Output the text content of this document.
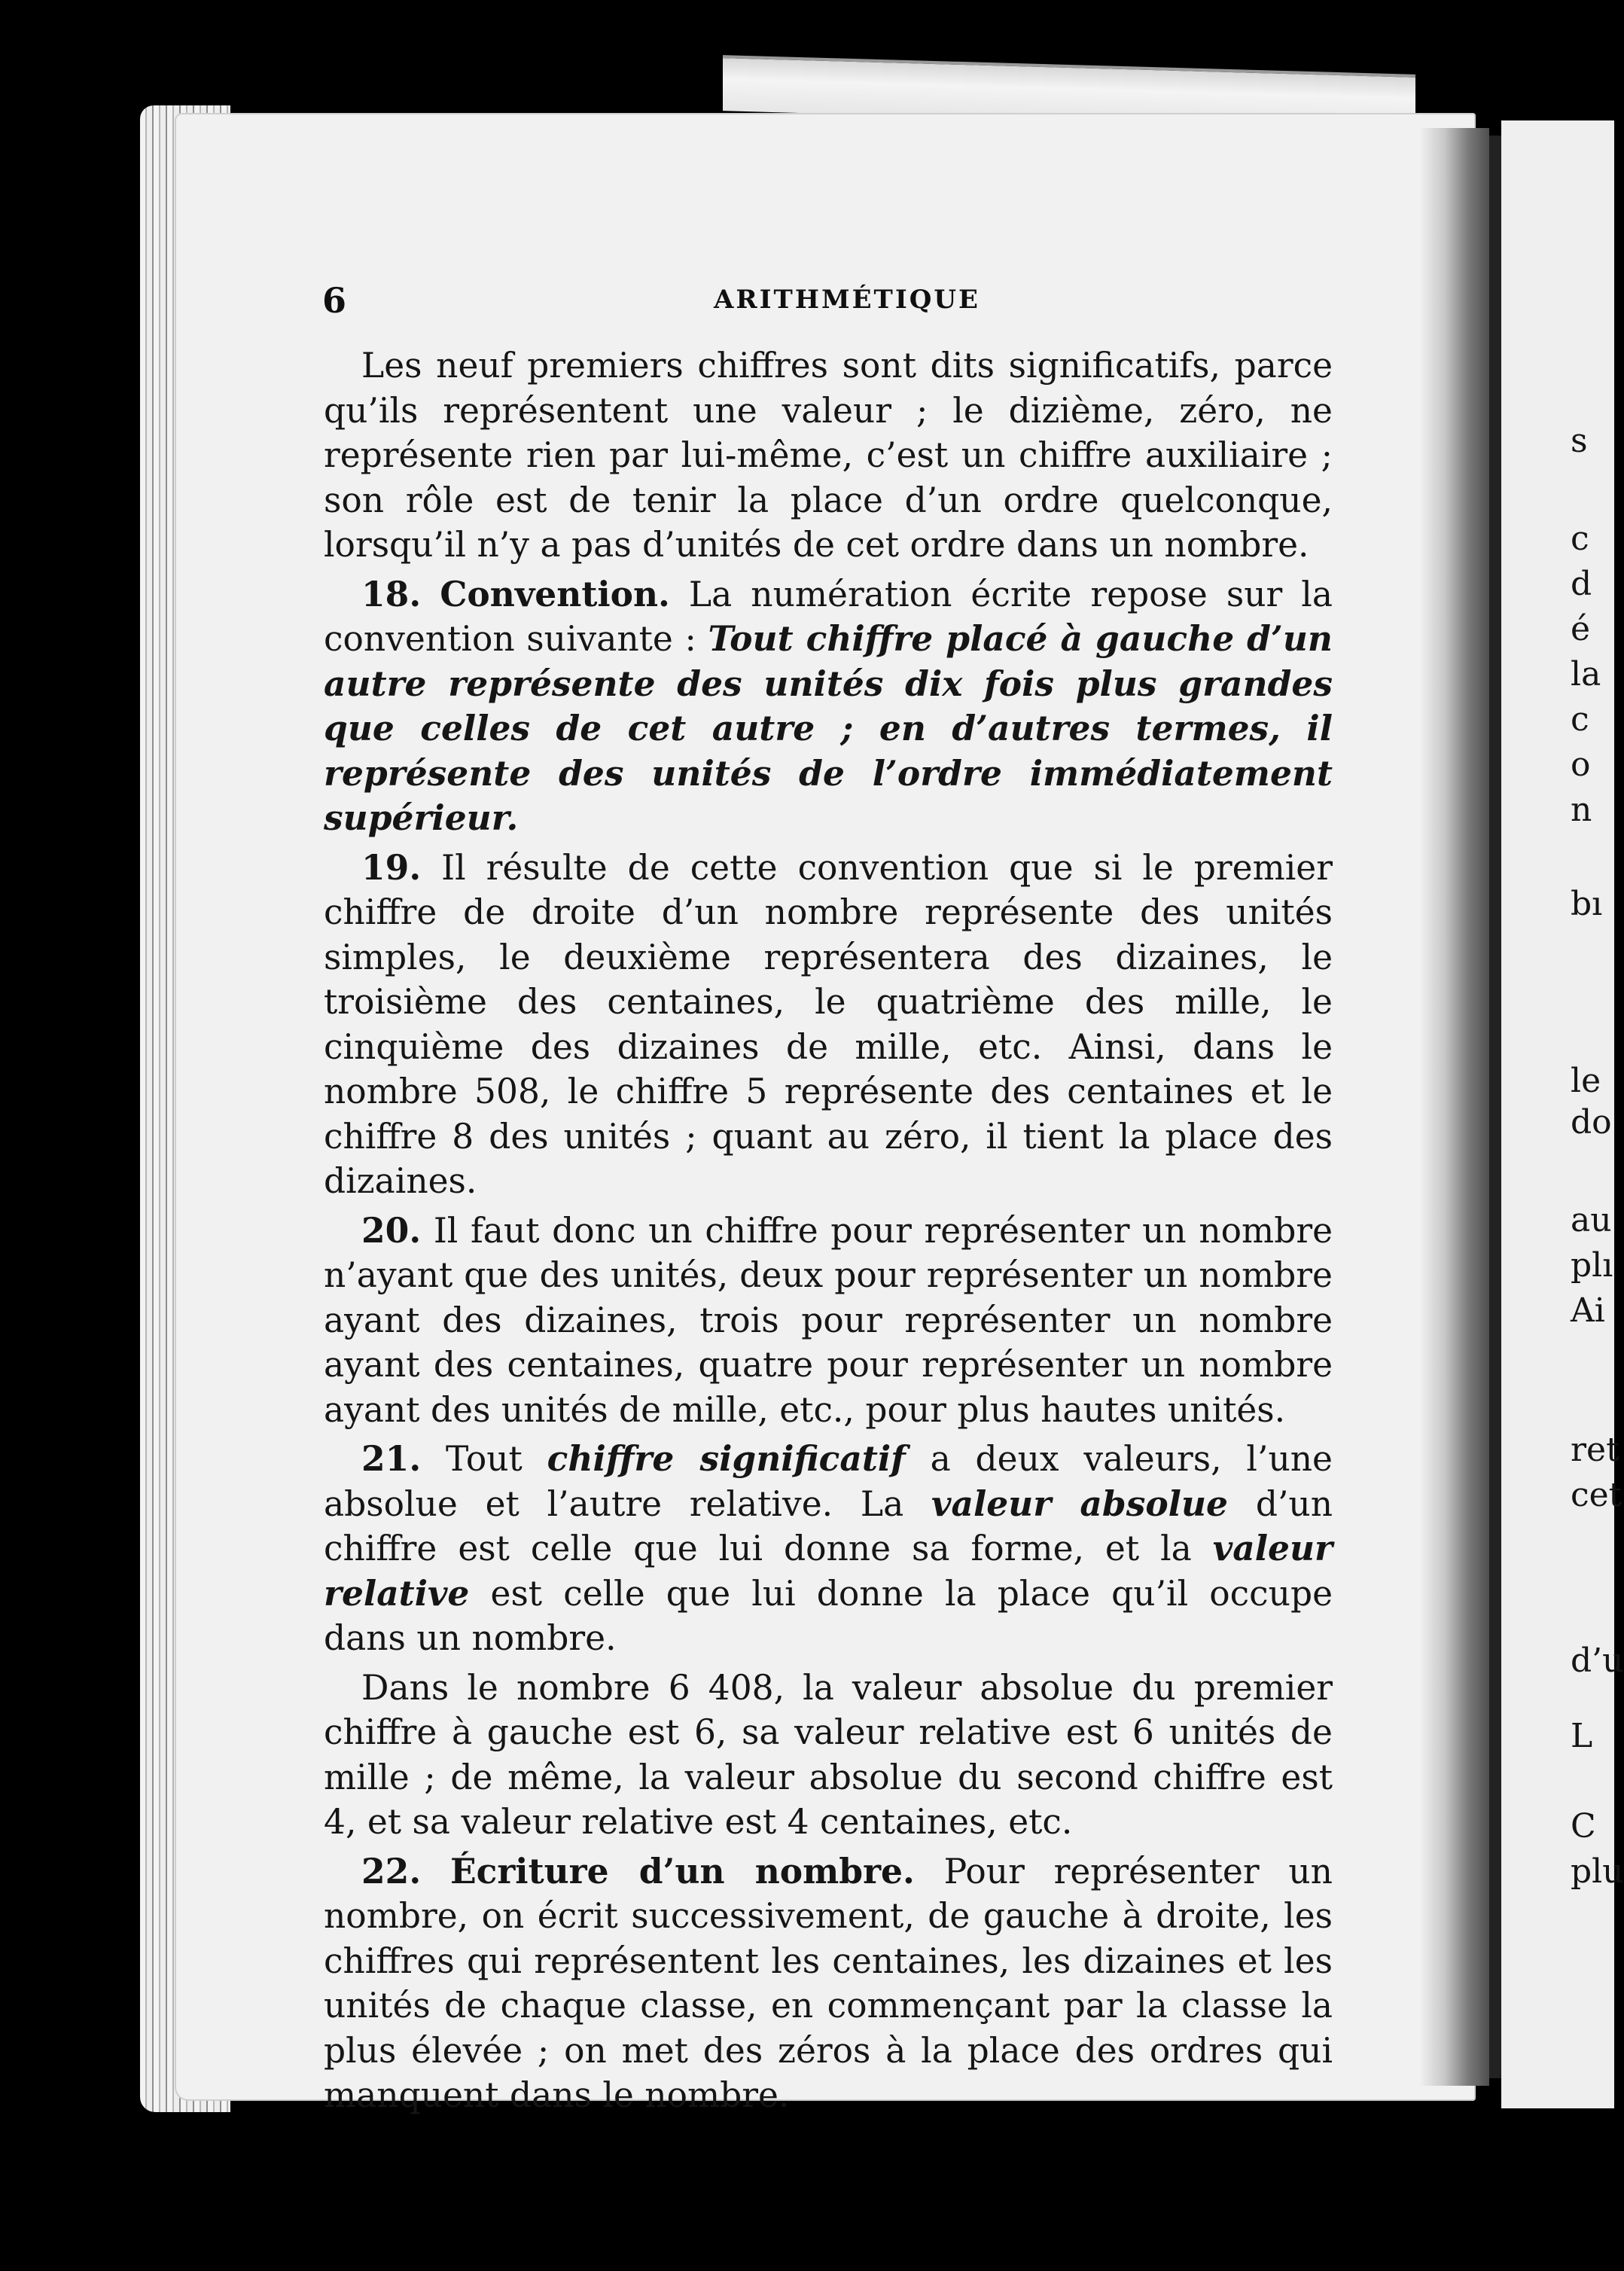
6	ARITHMÉTIQUE

Les neuf premiers chiffres sont dits significatifs, parce qu’ils représentent une valeur ; le dizième, zéro, ne représente rien par lui-même, c’est un chiffre auxiliaire ; son rôle est de tenir la place d’un ordre quelconque, lorsqu’il n’y a pas d’unités de cet ordre dans un nombre.

18. Convention. La numération écrite repose sur la convention suivante : Tout chiffre placé à gauche d’un autre représente des unités dix fois plus grandes que celles de cet autre ; en d’autres termes, il représente des unités de l’ordre immédiatement supérieur.

19. Il résulte de cette convention que si le premier chiffre de droite d’un nombre représente des unités simples, le deuxième représentera des dizaines, le troisième des centaines, le quatrième des mille, le cinquième des dizaines de mille, etc. Ainsi, dans le nombre 508, le chiffre 5 représente des centaines et le chiffre 8 des unités ; quant au zéro, il tient la place des dizaines.

20. Il faut donc un chiffre pour représenter un nombre n’ayant que des unités, deux pour représenter un nombre ayant des dizaines, trois pour représenter un nombre ayant des centaines, quatre pour représenter un nombre ayant des unités de mille, etc., pour plus hautes unités.

21. Tout chiffre significatif a deux valeurs, l’une absolue et l’autre relative. La valeur absolue d’un chiffre est celle que lui donne sa forme, et la valeur relative est celle que lui donne la place qu’il occupe dans un nombre.

Dans le nombre 6 408, la valeur absolue du premier chiffre à gauche est 6, sa valeur relative est 6 unités de mille ; de même, la valeur absolue du second chiffre est 4, et sa valeur relative est 4 centaines, etc.

22. Écriture d’un nombre. Pour représenter un nombre, on écrit successivement, de gauche à droite, les chiffres qui représentent les centaines, les dizaines et les unités de chaque classe, en commençant par la classe la plus élevée ; on met des zéros à la place des ordres qui manquent dans le nombre.

s
c
d
é
la
c
o
n
bı
le
do
au
plı
Ai
ret
cet
d’u
L
C
plu
